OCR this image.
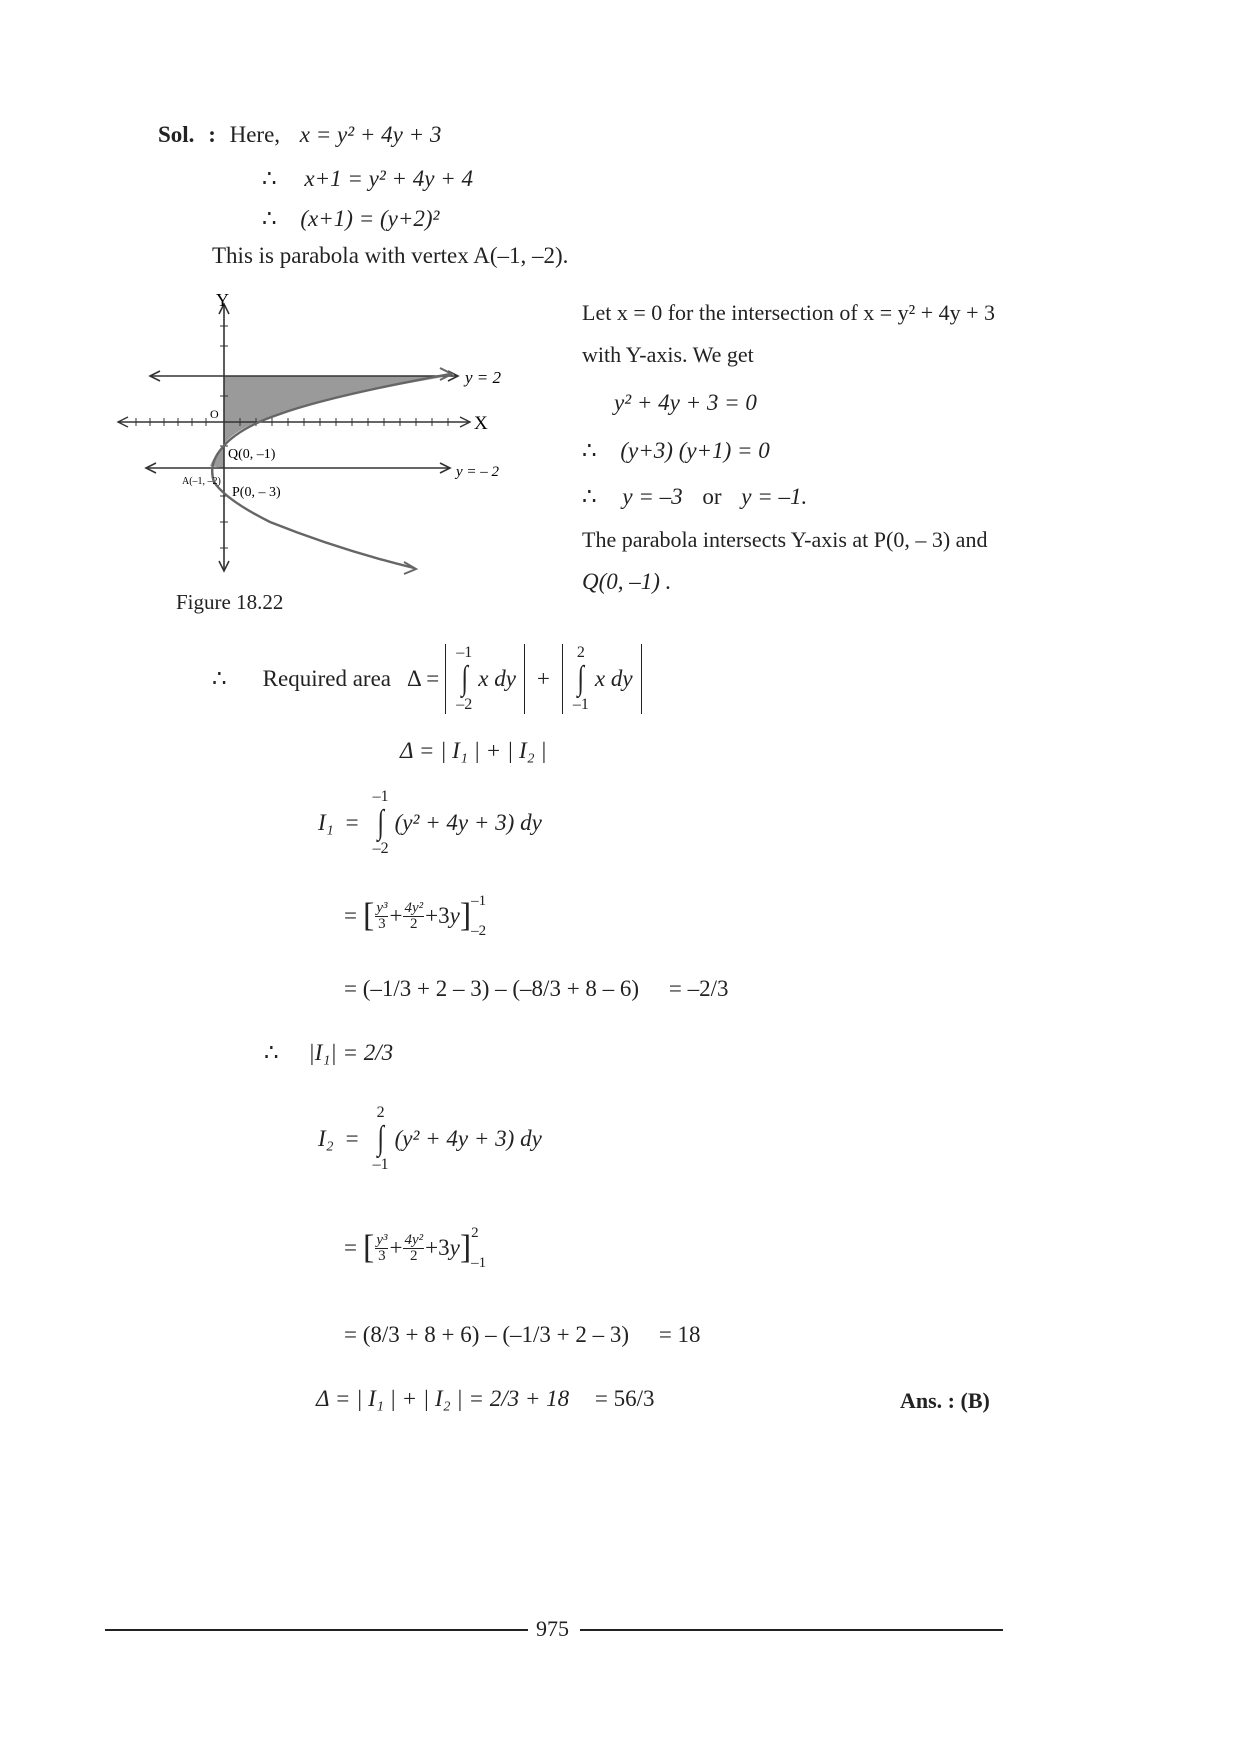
Sol. : Here, x = y² + 4y + 3
∴ x+1 = y² + 4y + 4
∴ (x+1) = (y+2)²
This is parabola with vertex A(–1, –2).
Y
X
O
y = 2
y = – 2
Q(0, –1)
A(–1, –2)
P(0, – 3)
Figure 18.22
Let x = 0 for the intersection of x = y² + 4y + 3
with Y-axis. We get
y² + 4y + 3 = 0
∴ (y+3) (y+1) = 0
∴ y = –3 or y = –1.
The parabola intersects Y-axis at P(0, – 3) and
Q(0, –1) .
∴ Required area Δ =
–1
∫
–2
x dy +
2
∫
–1
x dy
Δ = | I₁ | + | I₂ |
I₁ =
–1
∫
–2
(y² + 4y + 3) dy
= [ $\frac{\text{y³}}{3} + \frac{\text{4y²}}{2} +3y$ ] –1
–2
= (–1/3 + 2 – 3) – (–8/3 + 8 – 6) = –2/3
∴ |I₁| = 2/3
I₂ =
2
∫
–1
(y² + 4y + 3) dy
= [ $\frac{\text{y³}}{3} + \frac{\text{4y²}}{2} +3y$ ] 2
–1
= (8/3 + 8 + 6) – (–1/3 + 2 – 3) = 18
Δ = | I₁ | + | I₂ | = 2/3 + 18 = 56/3	Ans. : (B)
975
